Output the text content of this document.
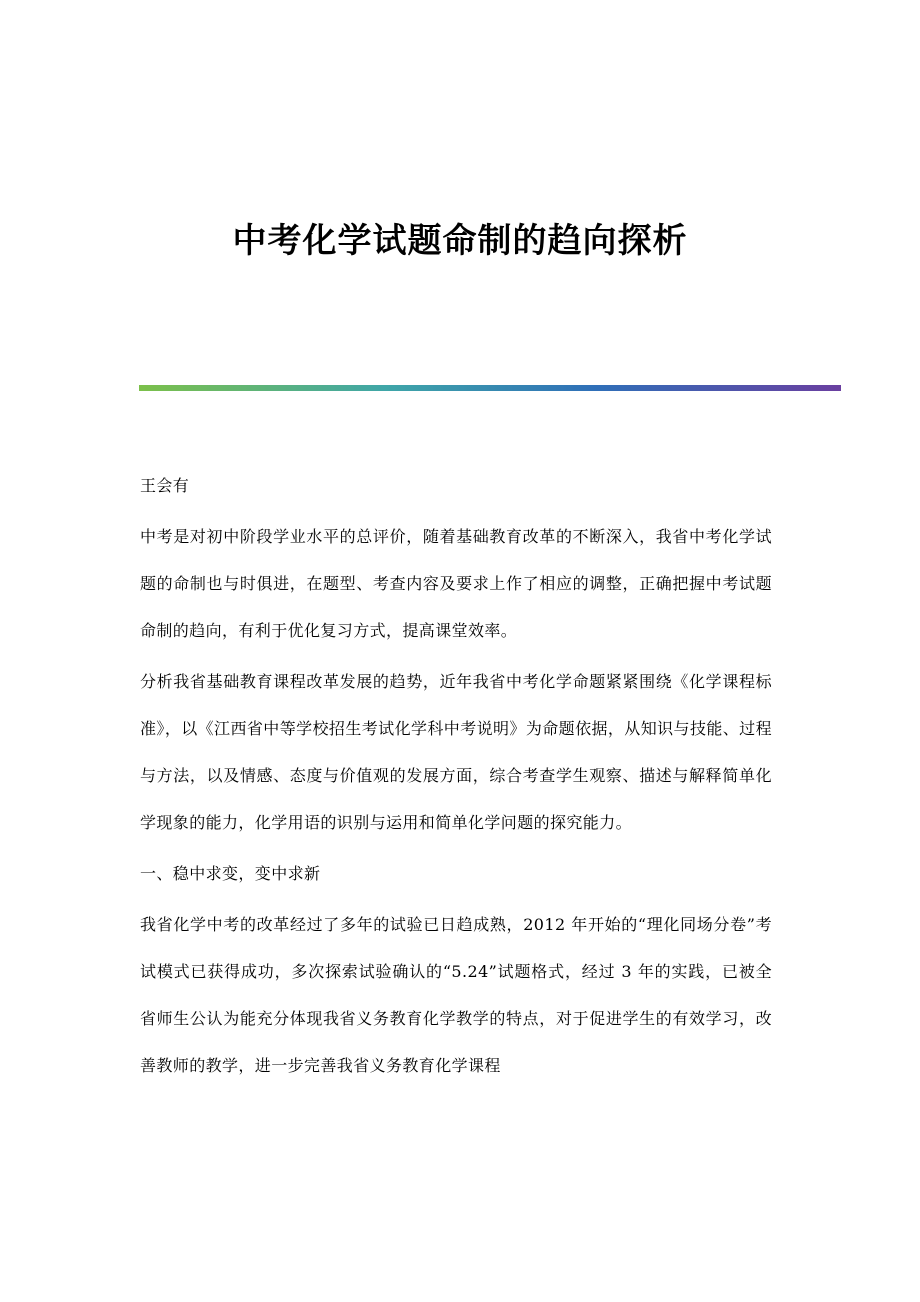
中考化学试题命制的趋向探析

王会有

中考是对初中阶段学业水平的总评价，随着基础教育改革的不断深入，我省中考化学试题的命制也与时俱进，在题型、考查内容及要求上作了相应的调整，正确把握中考试题命制的趋向，有利于优化复习方式，提高课堂效率。

分析我省基础教育课程改革发展的趋势，近年我省中考化学命题紧紧围绕《化学课程标准》，以《江西省中等学校招生考试化学科中考说明》为命题依据，从知识与技能、过程与方法，以及情感、态度与价值观的发展方面，综合考查学生观察、描述与解释简单化学现象的能力，化学用语的识别与运用和简单化学问题的探究能力。

一、稳中求变，变中求新

我省化学中考的改革经过了多年的试验已日趋成熟，2012 年开始的“理化同场分卷”考试模式已获得成功，多次探索试验确认的“5.24”试题格式，经过 3 年的实践，已被全省师生公认为能充分体现我省义务教育化学教学的特点，对于促进学生的有效学习，改善教师的教学，进一步完善我省义务教育化学课程
